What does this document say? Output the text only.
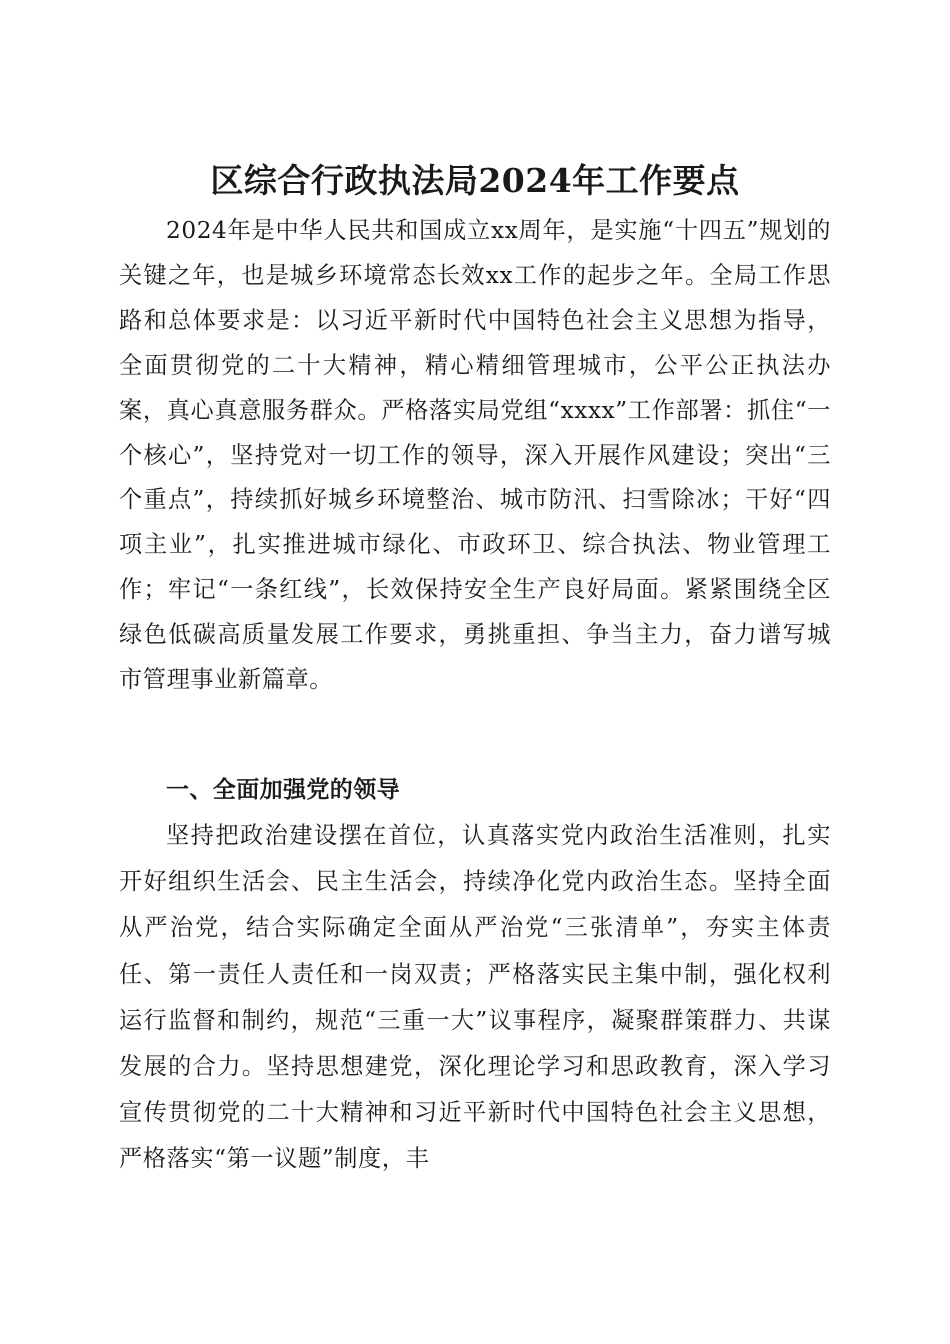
区综合行政执法局2024年工作要点

2024年是中华人民共和国成立xx周年，是实施“十四五”规划的关键之年，也是城乡环境常态长效xx工作的起步之年。全局工作思路和总体要求是：以习近平新时代中国特色社会主义思想为指导，全面贯彻党的二十大精神，精心精细管理城市，公平公正执法办案，真心真意服务群众。严格落实局党组“xxxx”工作部署：抓住“一个核心”，坚持党对一切工作的领导，深入开展作风建设；突出“三个重点”，持续抓好城乡环境整治、城市防汛、扫雪除冰；干好“四项主业”，扎实推进城市绿化、市政环卫、综合执法、物业管理工作；牢记“一条红线”，长效保持安全生产良好局面。紧紧围绕全区绿色低碳高质量发展工作要求，勇挑重担、争当主力，奋力谱写城市管理事业新篇章。

一、全面加强党的领导

坚持把政治建设摆在首位，认真落实党内政治生活准则，扎实开好组织生活会、民主生活会，持续净化党内政治生态。坚持全面从严治党，结合实际确定全面从严治党“三张清单”，夯实主体责任、第一责任人责任和一岗双责；严格落实民主集中制，强化权利运行监督和制约，规范“三重一大”议事程序，凝聚群策群力、共谋发展的合力。坚持思想建党，深化理论学习和思政教育，深入学习宣传贯彻党的二十大精神和习近平新时代中国特色社会主义思想，严格落实“第一议题”制度，丰
